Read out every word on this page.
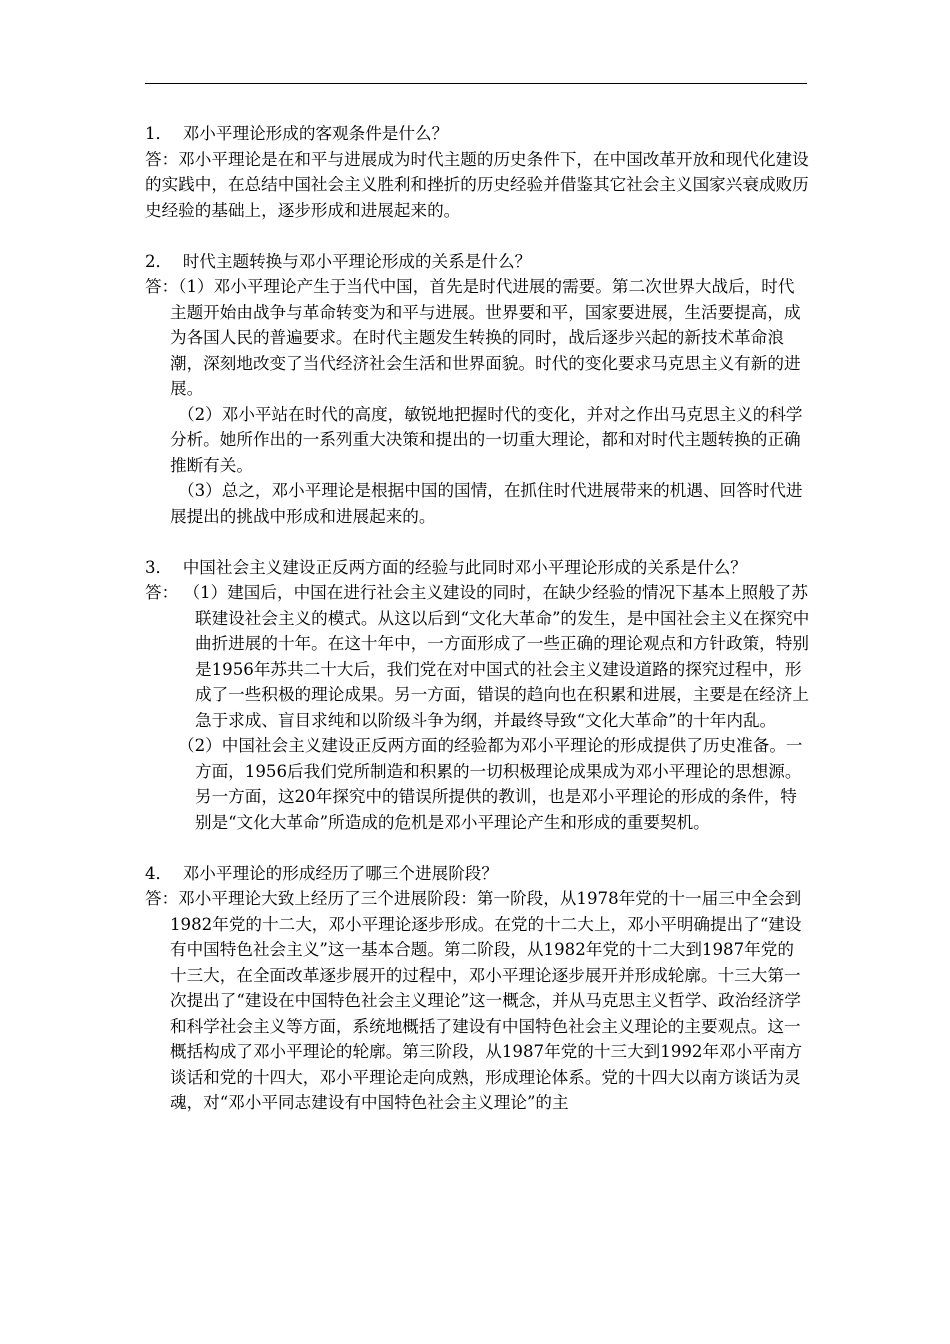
1．  邓小平理论形成的客观条件是什么？

答：邓小平理论是在和平与进展成为时代主题的历史条件下，在中国改革开放和现代化建设的实践中，在总结中国社会主义胜利和挫折的历史经验并借鉴其它社会主义国家兴衰成败历史经验的基础上，逐步形成和进展起来的。

2．  时代主题转换与邓小平理论形成的关系是什么？

答：（1）邓小平理论产生于当代中国，首先是时代进展的需要。第二次世界大战后，时代主题开始由战争与革命转变为和平与进展。世界要和平，国家要进展，生活要提高，成为各国人民的普遍要求。在时代主题发生转换的同时，战后逐步兴起的新技术革命浪潮，深刻地改变了当代经济社会生活和世界面貌。时代的变化要求马克思主义有新的进展。

（2）邓小平站在时代的高度，敏锐地把握时代的变化，并对之作出马克思主义的科学分析。她所作出的一系列重大决策和提出的一切重大理论，都和对时代主题转换的正确推断有关。

（3）总之，邓小平理论是根据中国的国情，在抓住时代进展带来的机遇、回答时代进展提出的挑战中形成和进展起来的。

3．  中国社会主义建设正反两方面的经验与此同时邓小平理论形成的关系是什么？

答： （1）建国后，中国在进行社会主义建设的同时，在缺少经验的情况下基本上照般了苏联建设社会主义的模式。从这以后到“文化大革命”的发生，是中国社会主义在探究中曲折进展的十年。在这十年中，一方面形成了一些正确的理论观点和方针政策，特别是1956年苏共二十大后，我们党在对中国式的社会主义建设道路的探究过程中，形成了一些积极的理论成果。另一方面，错误的趋向也在积累和进展，主要是在经济上急于求成、盲目求纯和以阶级斗争为纲，并最终导致“文化大革命”的十年内乱。

（2）中国社会主义建设正反两方面的经验都为邓小平理论的形成提供了历史准备。一方面，1956后我们党所制造和积累的一切积极理论成果成为邓小平理论的思想源。另一方面，这20年探究中的错误所提供的教训，也是邓小平理论的形成的条件，特别是“文化大革命”所造成的危机是邓小平理论产生和形成的重要契机。

4．  邓小平理论的形成经历了哪三个进展阶段？

答：邓小平理论大致上经历了三个进展阶段：第一阶段，从1978年党的十一届三中全会到1982年党的十二大，邓小平理论逐步形成。在党的十二大上，邓小平明确提出了“建设有中国特色社会主义”这一基本合题。第二阶段，从1982年党的十二大到1987年党的十三大，在全面改革逐步展开的过程中，邓小平理论逐步展开并形成轮廓。十三大第一次提出了“建设在中国特色社会主义理论”这一概念，并从马克思主义哲学、政治经济学和科学社会主义等方面，系统地概括了建设有中国特色社会主义理论的主要观点。这一概括构成了邓小平理论的轮廓。第三阶段，从1987年党的十三大到1992年邓小平南方谈话和党的十四大，邓小平理论走向成熟，形成理论体系。党的十四大以南方谈话为灵魂，对“邓小平同志建设有中国特色社会主义理论”的主
